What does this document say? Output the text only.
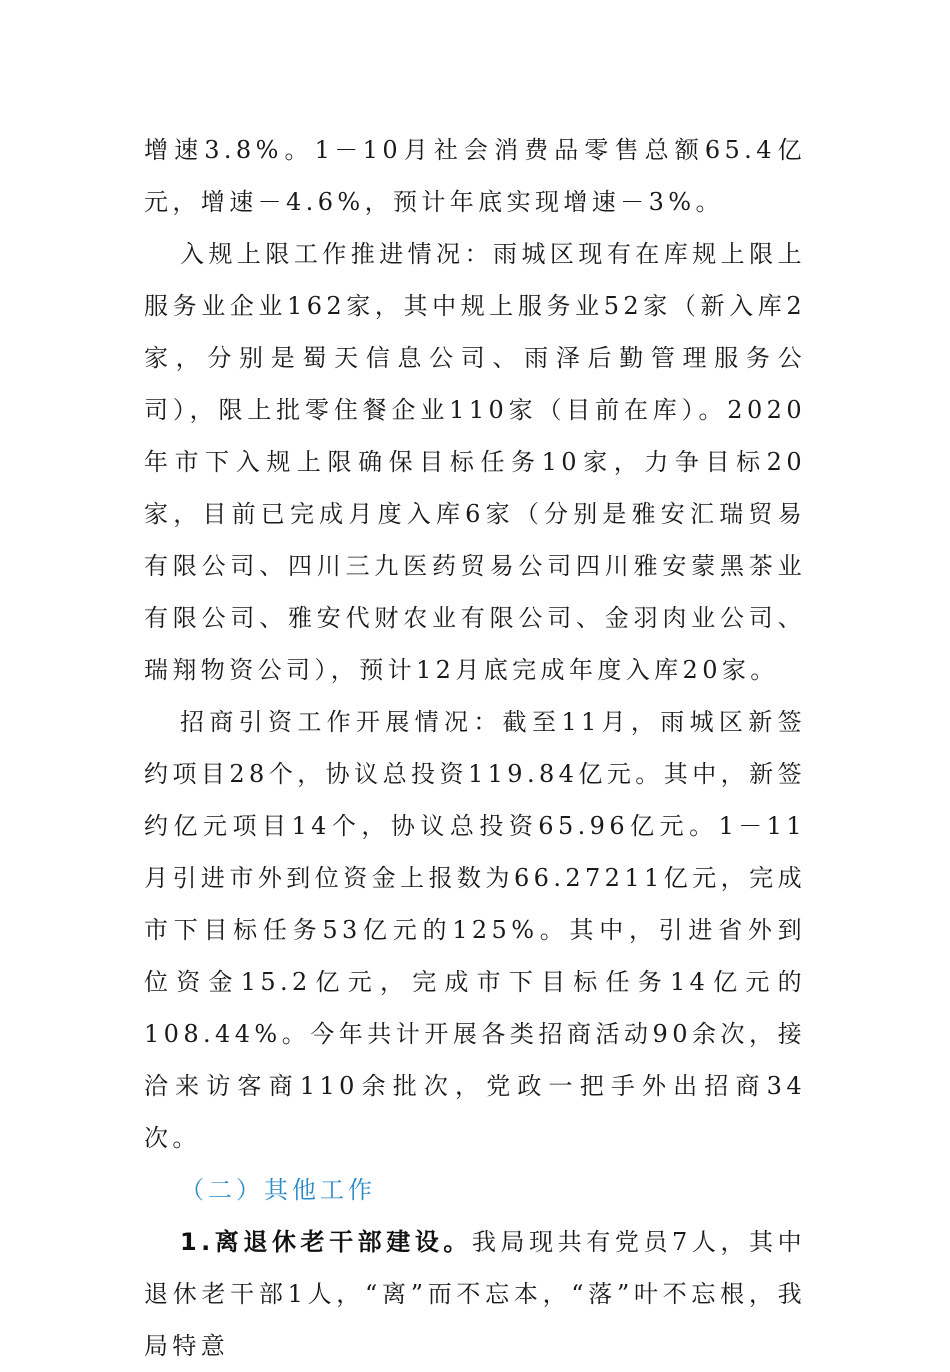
增速3.8%。1－10月社会消费品零售总额65.4亿元，增速－4.6%，预计年底实现增速－3%。

入规上限工作推进情况：雨城区现有在库规上限上服务业企业162家，其中规上服务业52家（新入库2家，分别是蜀天信息公司、雨泽后勤管理服务公司），限上批零住餐企业110家（目前在库）。2020年市下入规上限确保目标任务10家，力争目标20家，目前已完成月度入库6家（分别是雅安汇瑞贸易有限公司、四川三九医药贸易公司四川雅安蒙黑茶业有限公司、雅安代财农业有限公司、金羽肉业公司、瑞翔物资公司），预计12月底完成年度入库20家。

招商引资工作开展情况：截至11月，雨城区新签约项目28个，协议总投资119.84亿元。其中，新签约亿元项目14个，协议总投资65.96亿元。1－11月引进市外到位资金上报数为66.27211亿元，完成市下目标任务53亿元的125%。其中，引进省外到位资金15.2亿元，完成市下目标任务14亿元的108.44%。今年共计开展各类招商活动90余次，接洽来访客商110余批次，党政一把手外出招商34次。

（二）其他工作

1.离退休老干部建设。我局现共有党员7人，其中退休老干部1人，“离”而不忘本，“落”叶不忘根，我局特意
